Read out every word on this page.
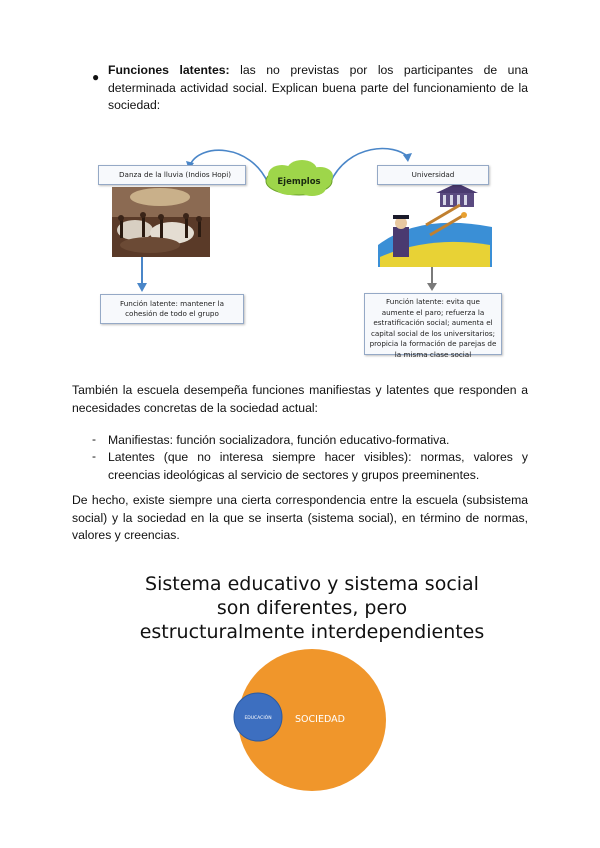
● Funciones latentes: las no previstas por los participantes de una determinada actividad social. Explican buena parte del funcionamiento de la sociedad:

Ejemplos
Danza de la lluvia (Indios Hopi)	Universidad
Función latente: mantener la cohesión de todo el grupo
Función latente: evita que aumente el paro; refuerza la estratificación social; aumenta el capital social de los universitarios; propicia la formación de parejas de la misma clase social

También la escuela desempeña funciones manifiestas y latentes que responden a necesidades concretas de la sociedad actual:

- Manifiestas: función socializadora, función educativo-formativa.

- Latentes (que no interesa siempre hacer visibles): normas, valores y creencias ideológicas al servicio de sectores y grupos preeminentes.

De hecho, existe siempre una cierta correspondencia entre la escuela (subsistema social) y la sociedad en la que se inserta (sistema social), en término de normas, valores y creencias.

Sistema educativo y sistema social son diferentes, pero estructuralmente interdependientes
EDUCACIÓN SOCIEDAD
